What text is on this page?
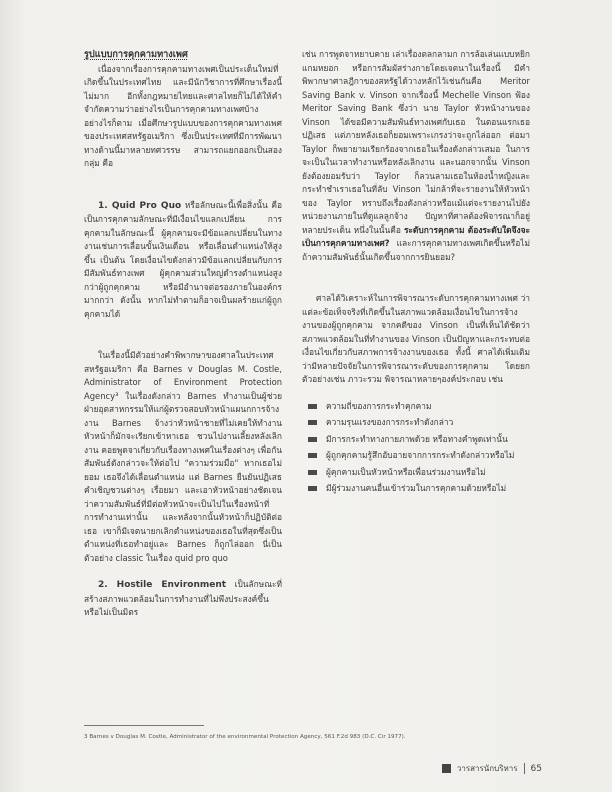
รูปแบบการคุกคามทางเพศ

เนื่องจากเรื่องการคุกคามทางเพศเป็นประเด็นใหม่ที่เกิดขึ้นในประเทศไทย และมีนักวิชาการที่ศึกษาเรื่องนี้ไม่มาก อีกทั้งกฎหมายไทยและศาลไทยก็ไม่ได้ให้คำจำกัดความว่าอย่างไรเป็นการคุกคามทางเพศบ้าง อย่างไรก็ตาม เมื่อศึกษารูปแบบของการคุกคามทางเพศของประเทศสหรัฐอเมริกา ซึ่งเป็นประเทศที่มีการพัฒนาทางด้านนี้มาหลายทศวรรษ สามารถแยกออกเป็นสองกลุ่ม คือ

1. Quid Pro Quo หรือลักษณะนี้เพื่อสิ่งนั้น คือ เป็นการคุกคามลักษณะที่มีเงื่อนไขแลกเปลี่ยน การคุกคามในลักษณะนี้ ผู้คุกคามจะมีข้อแลกเปลี่ยนในทางงานเช่นการเลื่อนขั้นเงินเดือน หรือเลื่อนตำแหน่งให้สูงขึ้น เป็นต้น โดยเงื่อนไขดังกล่าวมีข้อแลกเปลี่ยนกับการมีสัมพันธ์ทางเพศ ผู้คุกคามส่วนใหญ่ดำรงตำแหน่งสูงกว่าผู้ถูกคุกคาม หรือมีอำนาจต่อรองภายในองค์กรมากกว่า ดังนั้น หากไม่ทำตามก็อาจเป็นผลร้ายแก่ผู้ถูกคุกคามได้

ในเรื่องนี้มีตัวอย่างคำพิพากษาของศาลในประเทศสหรัฐอเมริกา คือ Barnes v Douglas M. Costle, Administrator of Environment Protection Agency³ ในเรื่องดังกล่าว Barnes ทำงานเป็นผู้ช่วยฝ่ายอุตสาหกรรมให้แก่ผู้ตรวจสอบหัวหน้าแผนกการจ้างงาน Barnes จ้างว่าหัวหน้าชายที่ไม่เคยให้ทำงาน หัวหน้าก็มักจะเรียกเข้าหาเธอ ชวนไปงานเลี้ยงหลังเลิกงาน คอยพูดจาเกี่ยวกับเรื่องทางเพศในเรื่องต่างๆ เพื่อกันสัมพันธ์ดังกล่าวจะให้ต่อไป "ความร่วมมือ" หากเธอไม่ยอม เธอจึงได้เลื่อนตำแหน่ง แต่ Barnes ยืนยันปฏิเสธคำเชิญชวนต่างๆ เรื่อยมา และเอาหัวหน้าอย่างชัดเจนว่าความสัมพันธ์ที่มีต่อหัวหน้าจะเป็นไปในเรื่องหน้าที่การทำงานเท่านั้น และหลังจากนั้นหัวหน้าก็ปฏิบัติต่อเธอ เขาก็มีเจตนายกเลิกตำแหน่งของเธอในที่สุดซึ่งเป็นตำแหน่งที่เธอทำอยู่และ Barnes ก็ถูกไล่ออก นี่เป็นตัวอย่าง classic ในเรื่อง quid pro quo

2. Hostile Environment เป็นลักษณะที่สร้างสภาพแวดล้อมในการทำงานที่ไม่พึงประสงค์ขึ้นหรือไม่เป็นมิตร

เช่น การพูดจาหยาบคาย เล่าเรื่องตลกลามก การล้อเล่นแบบหยิกแกมหยอก หรือการสัมผัสร่างกายโดยเจตนาในเรื่องนี้ มีคำพิพากษาศาลฎีกาของสหรัฐได้วางหลักไว้เช่นกันคือ Meritor Saving Bank v. Vinson จากเรื่องนี้ Mechelle Vinson ฟ้อง Meritor Saving Bank ซึ่งว่า นาย Taylor หัวหน้างานของ Vinson ได้ขอมีความสัมพันธ์ทางเพศกับเธอ ในตอนแรกเธอปฏิเสธ แต่ภายหลังเธอก็ยอมเพราะเกรงว่าจะถูกไล่ออก ต่อมา Taylor ก็พยายามเรียกร้องจากเธอในเรื่องดังกล่าวเสมอ ในการจะเป็นในเวลาทำงานหรือหลังเลิกงาน และนอกจากนั้น Vinson ยังต้องยอมรับว่า Taylor ก็ลวนลามเธอในห้องน้ำหญิงและกระทำชำเราเธอในที่ลับ Vinson ไม่กล้าที่จะรายงานให้หัวหน้าของ Taylor ทราบถึงเรื่องดังกล่าวหรือแม้แต่จะรายงานไปยังหน่วยงานภายในที่ดูแลลูกจ้าง ปัญหาที่ศาลต้องพิจารณาก็อยู่หลายประเด็น หนึ่งในนั้นคือ ระดับการคุกคาม ต้องระดับใดจึงจะเป็นการคุกคามทางเพศ? และการคุกคามทางเพศเกิดขึ้นหรือไม่ถ้าความสัมพันธ์นั้นเกิดขึ้นจากการยินยอม?

ศาลได้วิเคราะห์ในการพิจารณาระดับการคุกคามทางเพศ ว่าแต่ละข้อเท็จจริงที่เกิดขึ้นในสภาพแวดล้อมเงื่อนไขในการจ้างงานของผู้ถูกคุกคาม จากคดีของ Vinson เป็นที่เห็นได้ชัดว่าสภาพแวดล้อมในที่ทำงานของ Vinson เป็นปัญหาและกระทบต่อเงื่อนไขเกี่ยวกับสภาพการจ้างงานของเธอ ทั้งนี้ ศาลได้เพิ่มเติมว่ามีหลายปัจจัยในการพิจารณาระดับของการคุกคาม โดยยกตัวอย่างเช่น ภาวะรวม พิจารณาหลายๆองค์ประกอบ เช่น

ความถี่ของการกระทำคุกคาม
ความรุนแรงของการกระทำดังกล่าว
มีการกระทำทางกายภาพด้วย หรือทางคำพูดเท่านั้น
ผู้ถูกคุกคามรู้สึกอับอายจากการกระทำดังกล่าวหรือไม่
ผู้คุกคามเป็นหัวหน้าหรือเพื่อนร่วมงานหรือไม่
มีผู้ร่วมงานคนอื่นเข้าร่วมในการคุกคามด้วยหรือไม่
3 Barnes v Douglas M. Costle, Administrator of the environmental Protection Agency, 561 F.2d 983 (D.C. Cir 1977).
วารสารนักบริหาร 65
